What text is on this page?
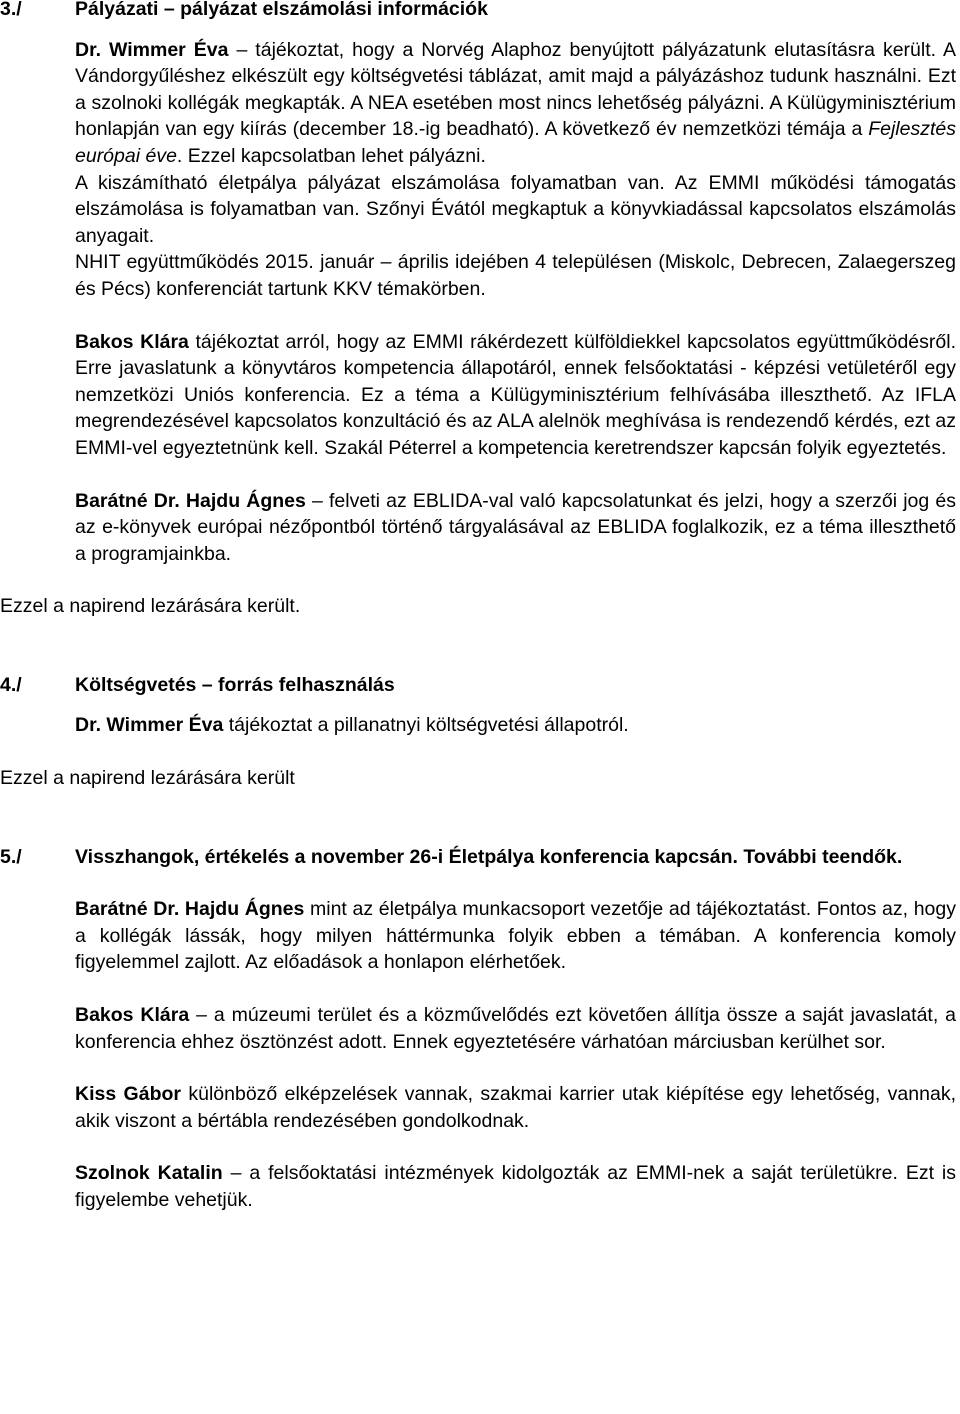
3./	Pályázati – pályázat elszámolási információk

Dr. Wimmer Éva – tájékoztat, hogy a Norvég Alaphoz benyújtott pályázatunk elutasításra került. A Vándorgyűléshez elkészült egy költségvetési táblázat, amit majd a pályázáshoz tudunk használni. Ezt a szolnoki kollégák megkapták. A NEA esetében most nincs lehetőség pályázni. A Külügyminisztérium honlapján van egy kiírás (december 18.-ig beadható). A következő év nemzetközi témája a Fejlesztés európai éve. Ezzel kapcsolatban lehet pályázni.

A kiszámítható életpálya pályázat elszámolása folyamatban van. Az EMMI működési támogatás elszámolása is folyamatban van. Szőnyi Évától megkaptuk a könyvkiadással kapcsolatos elszámolás anyagait.

NHIT együttműködés 2015. január – április idejében 4 településen (Miskolc, Debrecen, Zalaegerszeg és Pécs) konferenciát tartunk KKV témakörben.

Bakos Klára tájékoztat arról, hogy az EMMI rákérdezett külföldiekkel kapcsolatos együttműködésről. Erre javaslatunk a könyvtáros kompetencia állapotáról, ennek felsőoktatási - képzési vetületéről egy nemzetközi Uniós konferencia. Ez a téma a Külügyminisztérium felhívásába illeszthető. Az IFLA megrendezésével kapcsolatos konzultáció és az ALA alelnök meghívása is rendezendő kérdés, ezt az EMMI-vel egyeztetnünk kell. Szakál Péterrel a kompetencia keretrendszer kapcsán folyik egyeztetés.

Barátné Dr. Hajdu Ágnes – felveti az EBLIDA-val való kapcsolatunkat és jelzi, hogy a szerzői jog és az e-könyvek európai nézőpontból történő tárgyalásával az EBLIDA foglalkozik, ez a téma illeszthető a programjainkba.

Ezzel a napirend lezárására került.

4./	Költségvetés – forrás felhasználás

Dr. Wimmer Éva tájékoztat a pillanatnyi költségvetési állapotról.

Ezzel a napirend lezárására került

5./	Visszhangok, értékelés a november 26-i Életpálya konferencia kapcsán. További teendők.

Barátné Dr. Hajdu Ágnes mint az életpálya munkacsoport vezetője ad tájékoztatást. Fontos az, hogy a kollégák lássák, hogy milyen háttérmunka folyik ebben a témában. A konferencia komoly figyelemmel zajlott. Az előadások a honlapon elérhetőek.

Bakos Klára – a múzeumi terület és a közművelődés ezt követően állítja össze a saját javaslatát, a konferencia ehhez ösztönzést adott. Ennek egyeztetésére várhatóan márciusban kerülhet sor.

Kiss Gábor különböző elképzelések vannak, szakmai karrier utak kiépítése egy lehetőség, vannak, akik viszont a bértábla rendezésében gondolkodnak.

Szolnok Katalin – a felsőoktatási intézmények kidolgozták az EMMI-nek a saját területükre. Ezt is figyelembe vehetjük.
